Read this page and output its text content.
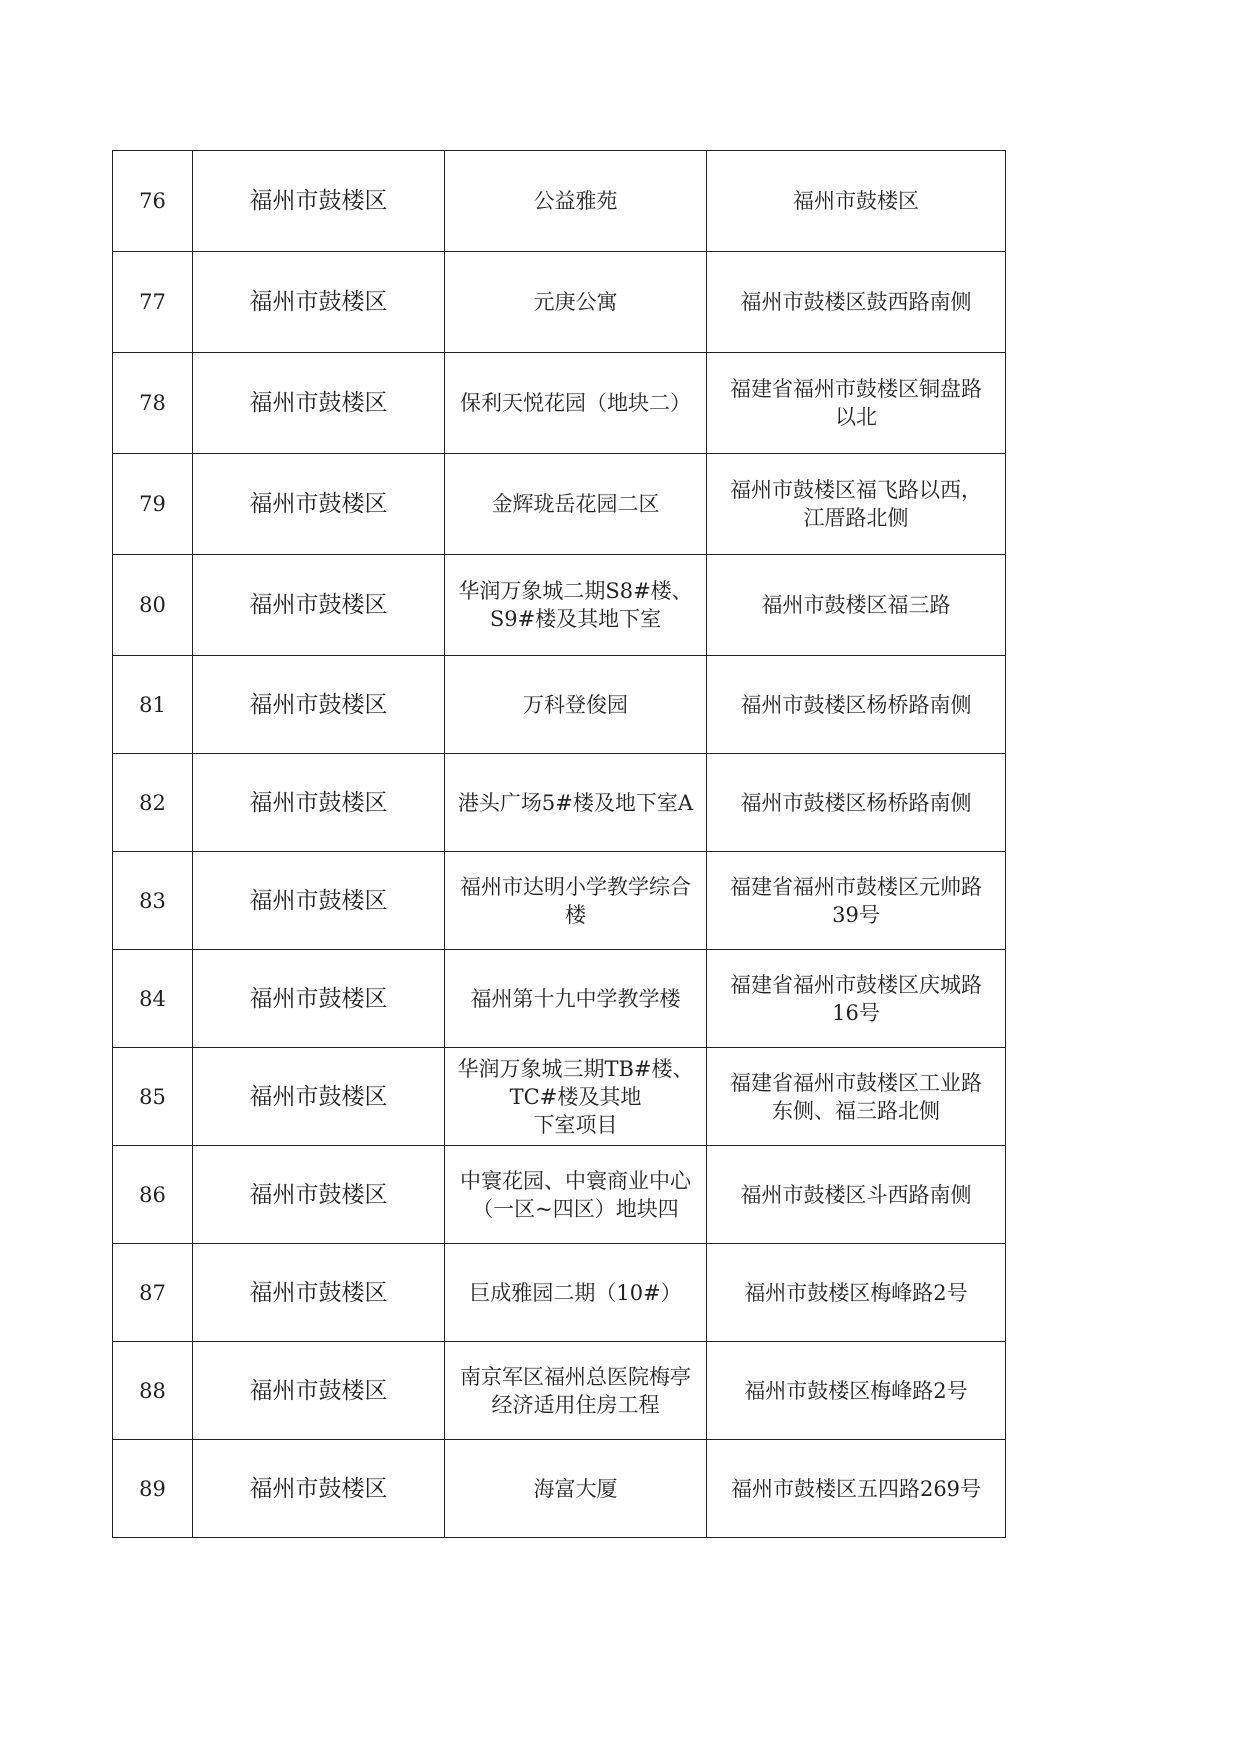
76	福州市鼓楼区	公益雅苑	福州市鼓楼区
77	福州市鼓楼区	元庚公寓	福州市鼓楼区鼓西路南侧
78	福州市鼓楼区	保利天悦花园（地块二）	福建省福州市鼓楼区铜盘路
以北
79	福州市鼓楼区	金辉珑岳花园二区	福州市鼓楼区福飞路以西，
江厝路北侧
80	福州市鼓楼区	华润万象城二期S8#楼、
S9#楼及其地下室	福州市鼓楼区福三路
81	福州市鼓楼区	万科登俊园	福州市鼓楼区杨桥路南侧
82	福州市鼓楼区	港头广场5#楼及地下室A	福州市鼓楼区杨桥路南侧
83	福州市鼓楼区	福州市达明小学教学综合
楼	福建省福州市鼓楼区元帅路
39号
84	福州市鼓楼区	福州第十九中学教学楼	福建省福州市鼓楼区庆城路
16号
85	福州市鼓楼区	华润万象城三期TB#楼、
TC#楼及其地
下室项目	福建省福州市鼓楼区工业路
东侧、福三路北侧
86	福州市鼓楼区	中寰花园、中寰商业中心
（一区~四区）地块四	福州市鼓楼区斗西路南侧
87	福州市鼓楼区	巨成雅园二期（10#）	福州市鼓楼区梅峰路2号
88	福州市鼓楼区	南京军区福州总医院梅亭
经济适用住房工程	福州市鼓楼区梅峰路2号
89	福州市鼓楼区	海富大厦	福州市鼓楼区五四路269号
